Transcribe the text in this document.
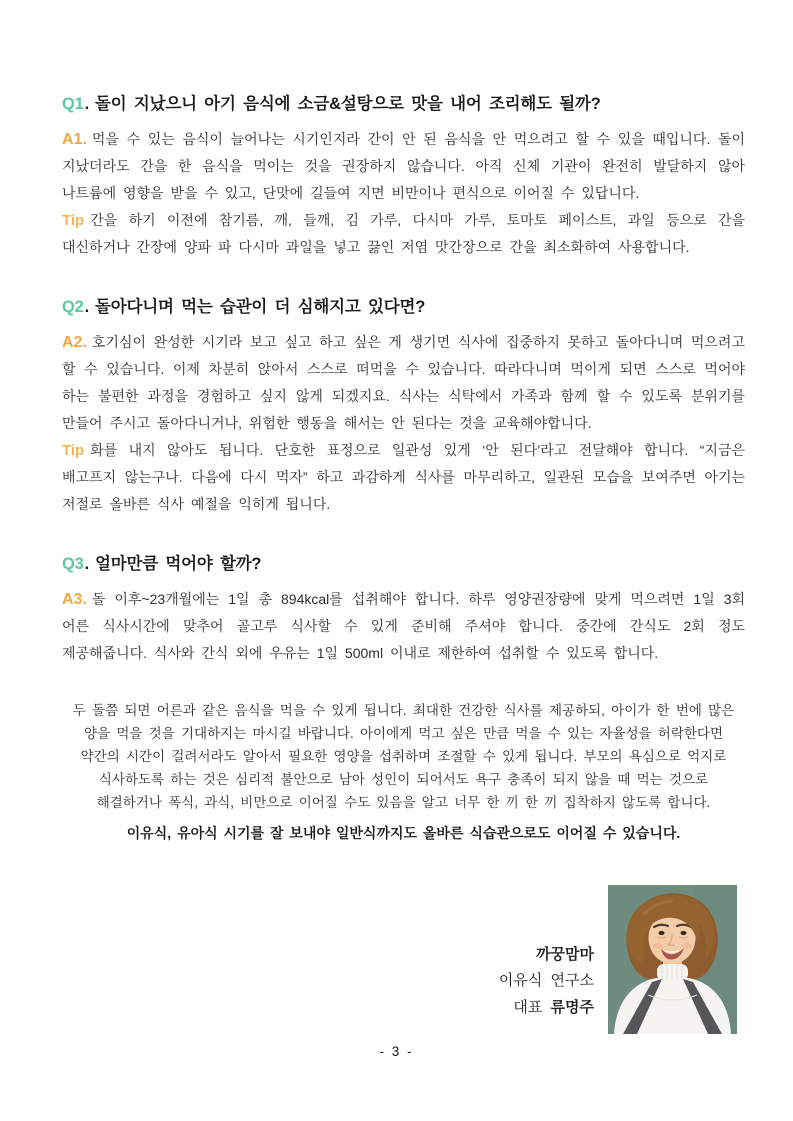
Q1. 돌이 지났으니 아기 음식에 소금&설탕으로 맛을 내어 조리해도 될까?

A1. 먹을 수 있는 음식이 늘어나는 시기인지라 간이 안 된 음식을 안 먹으려고 할 수 있을 때입니다. 돌이 지났더라도 간을 한 음식을 먹이는 것을 권장하지 않습니다. 아직 신체 기관이 완전히 발달하지 않아 나트륨에 영향을 받을 수 있고, 단맛에 길들여 지면 비만이나 편식으로 이어질 수 있답니다.

Tip 간을 하기 이전에 참기름, 깨, 들깨, 김 가루, 다시마 가루, 토마토 페이스트, 과일 등으로 간을 대신하거나 간장에 양파 파 다시마 과일을 넣고 끓인 저염 맛간장으로 간을 최소화하여 사용합니다.

Q2. 돌아다니며 먹는 습관이 더 심해지고 있다면?

A2. 호기심이 완성한 시기라 보고 싶고 하고 싶은 게 생기면 식사에 집중하지 못하고 돌아다니며 먹으려고 할 수 있습니다. 이제 차분히 앉아서 스스로 떠먹을 수 있습니다. 따라다니며 먹이게 되면 스스로 먹어야 하는 불편한 과정을 경험하고 싶지 않게 되겠지요. 식사는 식탁에서 가족과 함께 할 수 있도록 분위기를 만들어 주시고 돌아다니거나, 위험한 행동을 해서는 안 된다는 것을 교육해야합니다.

Tip 화를 내지 않아도 됩니다. 단호한 표정으로 일관성 있게 ‘안 된다’라고 전달해야 합니다. “지금은 배고프지 않는구나. 다음에 다시 먹자” 하고 과감하게 식사를 마무리하고, 일관된 모습을 보여주면 아기는 저절로 올바른 식사 예절을 익히게 됩니다.

Q3. 얼마만큼 먹어야 할까?

A3. 돌 이후~23개월에는 1일 총 894kcal를 섭취해야 합니다. 하루 영양권장량에 맞게 먹으려면 1일 3회 어른 식사시간에 맞추어 골고루 식사할 수 있게 준비해 주셔야 합니다. 중간에 간식도 2회 정도 제공해줍니다. 식사와 간식 외에 우유는 1일 500ml 이내로 제한하여 섭취할 수 있도록 합니다.

두 돌쯤 되면 어른과 같은 음식을 먹을 수 있게 됩니다. 최대한 건강한 식사를 제공하되, 아이가 한 번에 많은 양을 먹을 것을 기대하지는 마시길 바랍니다. 아이에게 먹고 싶은 만큼 먹을 수 있는 자율성을 허락한다면 약간의 시간이 걸려서라도 알아서 필요한 영양을 섭취하며 조절할 수 있게 됩니다. 부모의 욕심으로 억지로 식사하도록 하는 것은 심리적 불안으로 남아 성인이 되어서도 욕구 충족이 되지 않을 때 먹는 것으로 해결하거나 폭식, 과식, 비만으로 이어질 수도 있음을 알고 너무 한 끼 한 끼 집착하지 않도록 합니다.

이유식, 유아식 시기를 잘 보내야 일반식까지도 올바른 식습관으로도 이어질 수 있습니다.

까꿍맘마
이유식 연구소
대표 류명주
- 3 -
